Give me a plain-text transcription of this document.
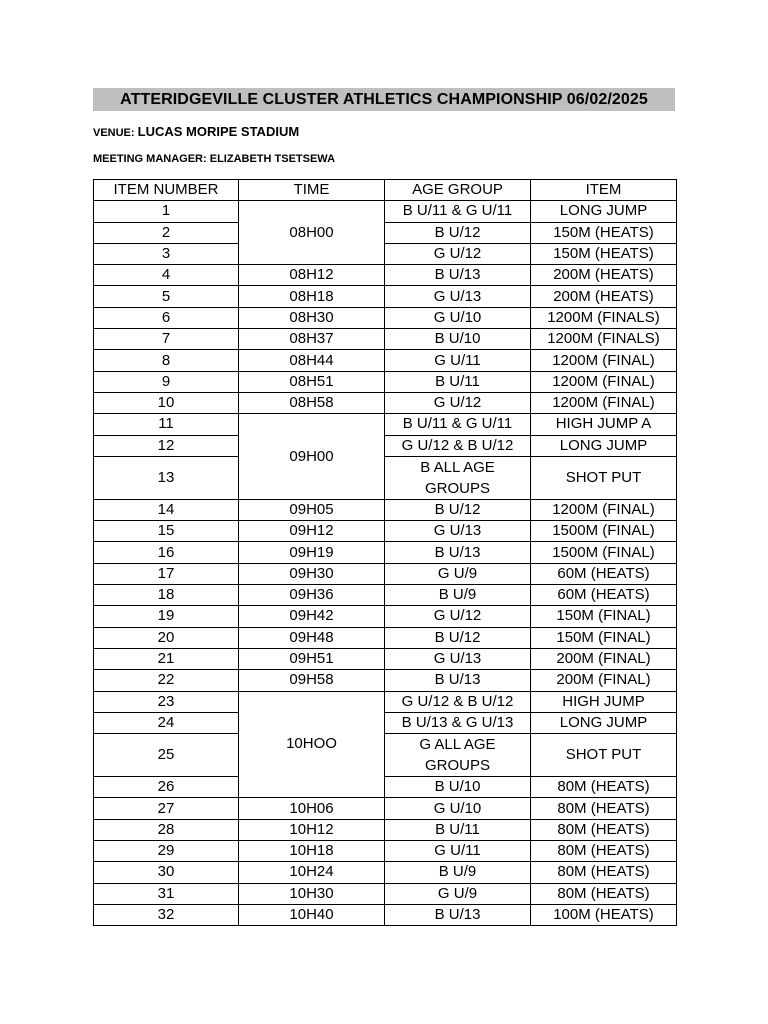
ATTERIDGEVILLE CLUSTER ATHLETICS CHAMPIONSHIP 06/02/2025
VENUE: LUCAS MORIPE STADIUM
MEETING MANAGER: ELIZABETH TSETSEWA
ITEM NUMBER	TIME	AGE GROUP	ITEM
1	08H00	B U/11 & G U/11	LONG JUMP
2		B U/12	150M (HEATS)
3		G U/12	150M (HEATS)
4	08H12	B U/13	200M (HEATS)
5	08H18	G U/13	200M (HEATS)
6	08H30	G U/10	1200M (FINALS)
7	08H37	B U/10	1200M (FINALS)
8	08H44	G U/11	1200M (FINAL)
9	08H51	B U/11	1200M (FINAL)
10	08H58	G U/12	1200M (FINAL)
11	09H00	B U/11 & G U/11	HIGH JUMP A
12		G U/12 & B U/12	LONG JUMP
13		B ALL AGE GROUPS	SHOT PUT
14	09H05	B U/12	1200M (FINAL)
15	09H12	G U/13	1500M (FINAL)
16	09H19	B U/13	1500M (FINAL)
17	09H30	G U/9	60M (HEATS)
18	09H36	B U/9	60M (HEATS)
19	09H42	G U/12	150M (FINAL)
20	09H48	B U/12	150M (FINAL)
21	09H51	G U/13	200M (FINAL)
22	09H58	B U/13	200M (FINAL)
23	10HOO	G U/12 & B U/12	HIGH JUMP
24		B U/13 & G U/13	LONG JUMP
25		G ALL AGE GROUPS	SHOT PUT
26		B U/10	80M (HEATS)
27	10H06	G U/10	80M (HEATS)
28	10H12	B U/11	80M (HEATS)
29	10H18	G U/11	80M (HEATS)
30	10H24	B U/9	80M (HEATS)
31	10H30	G U/9	80M (HEATS)
32	10H40	B U/13	100M (HEATS)
